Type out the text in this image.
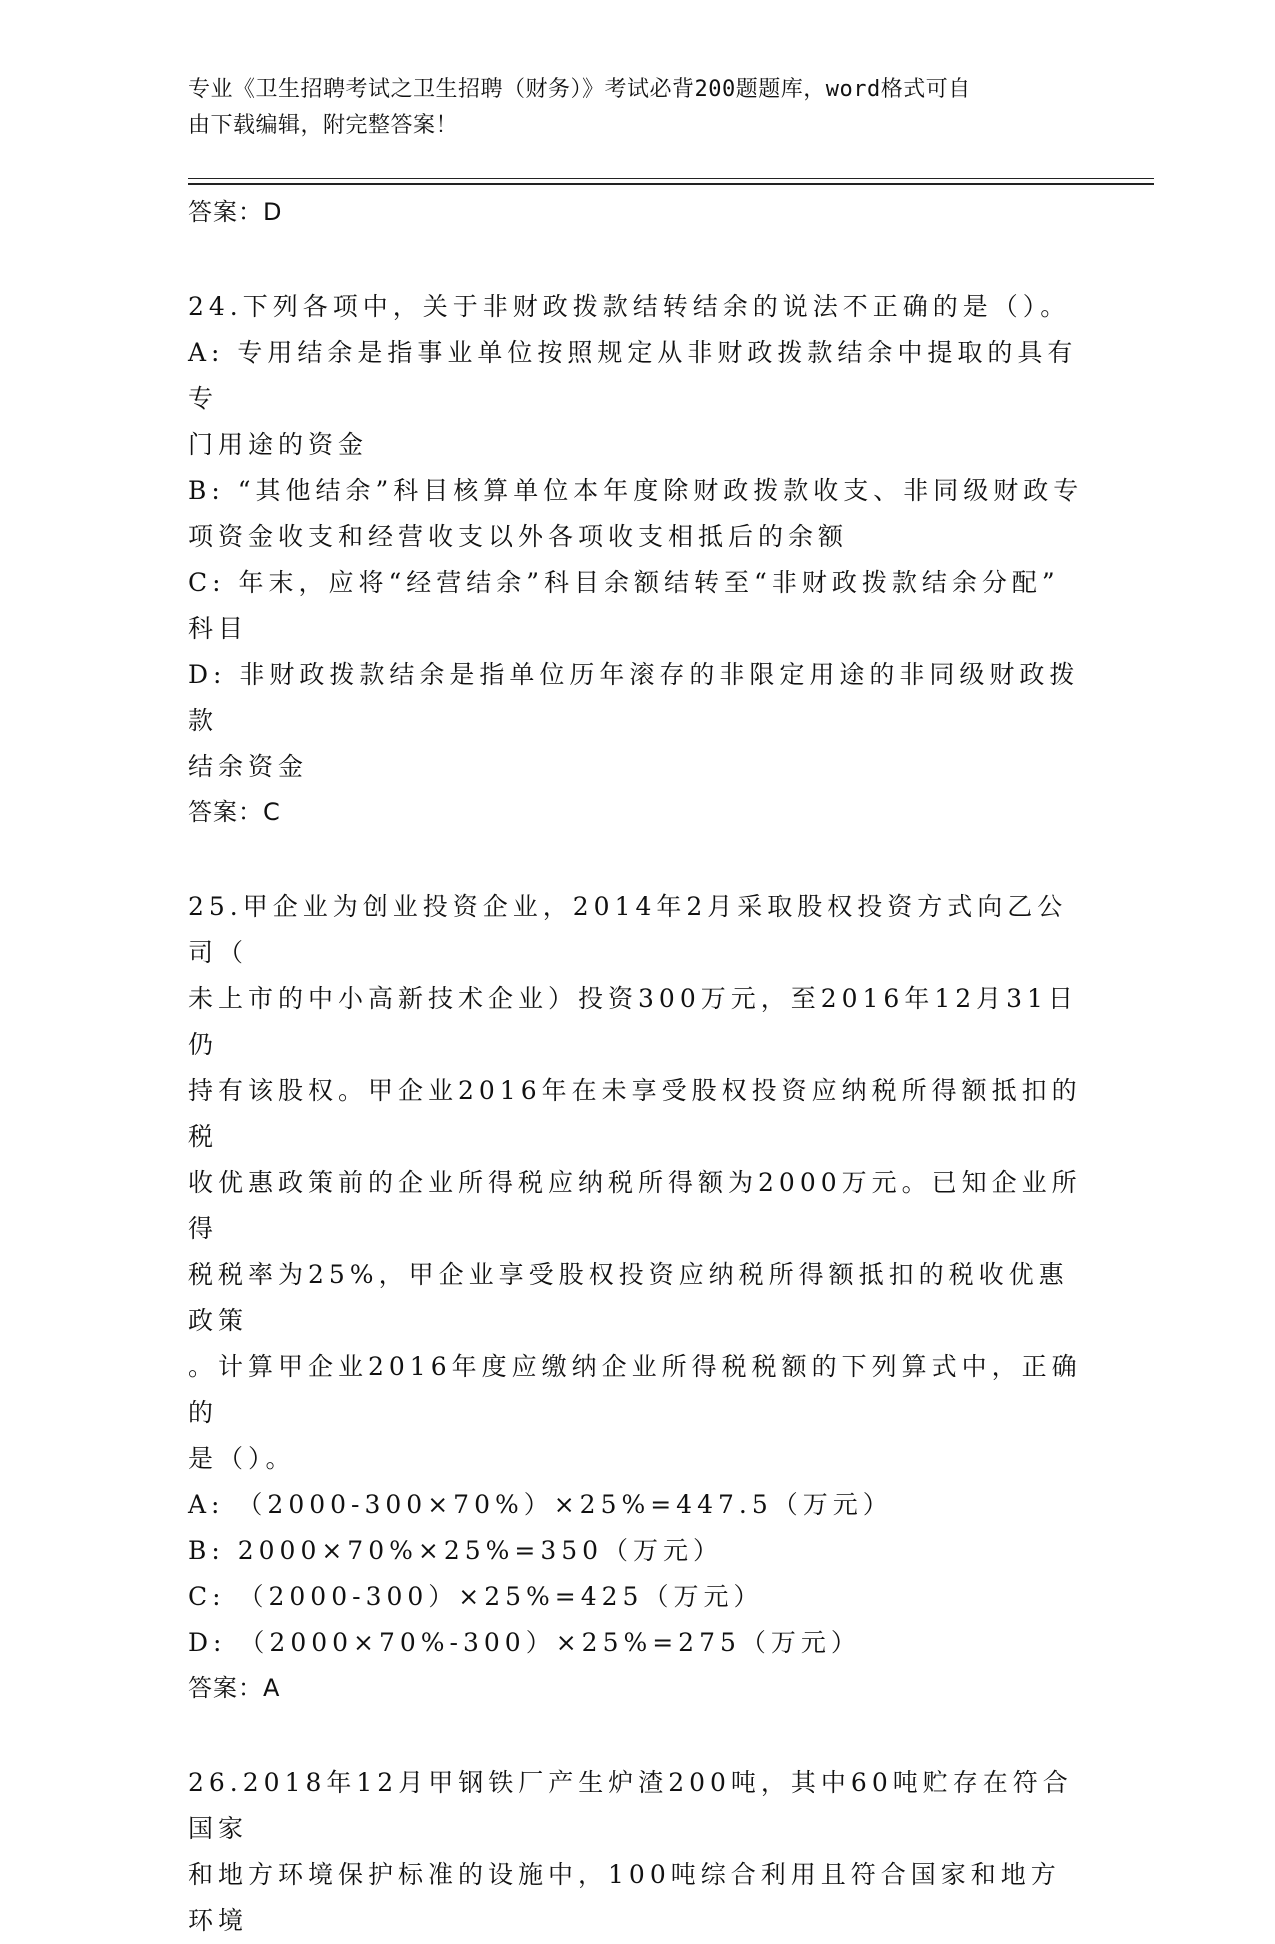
专业《卫生招聘考试之卫生招聘（财务）》考试必背200题题库，word格式可自
由下载编辑，附完整答案！
答案：D
24.下列各项中，关于非财政拨款结转结余的说法不正确的是（）。
A: 专用结余是指事业单位按照规定从非财政拨款结余中提取的具有专
门用途的资金
B: “其他结余”科目核算单位本年度除财政拨款收支、非同级财政专
项资金收支和经营收支以外各项收支相抵后的余额
C: 年末，应将“经营结余”科目余额结转至“非财政拨款结余分配”
科目
D: 非财政拨款结余是指单位历年滚存的非限定用途的非同级财政拨款
结余资金
答案：C
25.甲企业为创业投资企业，2014年2月采取股权投资方式向乙公司（
未上市的中小高新技术企业）投资300万元，至2016年12月31日仍
持有该股权。甲企业2016年在未享受股权投资应纳税所得额抵扣的税
收优惠政策前的企业所得税应纳税所得额为2000万元。已知企业所得
税税率为25%，甲企业享受股权投资应纳税所得额抵扣的税收优惠政策
。计算甲企业2016年度应缴纳企业所得税税额的下列算式中，正确的
是（）。
A: （2000-300×70%）×25%=447.5（万元）
B: 2000×70%×25%=350（万元）
C: （2000-300）×25%=425（万元）
D: （2000×70%-300）×25%=275（万元）
答案：A
26.2018年12月甲钢铁厂产生炉渣200吨，其中60吨贮存在符合国家
和地方环境保护标准的设施中，100吨综合利用且符合国家和地方环境
